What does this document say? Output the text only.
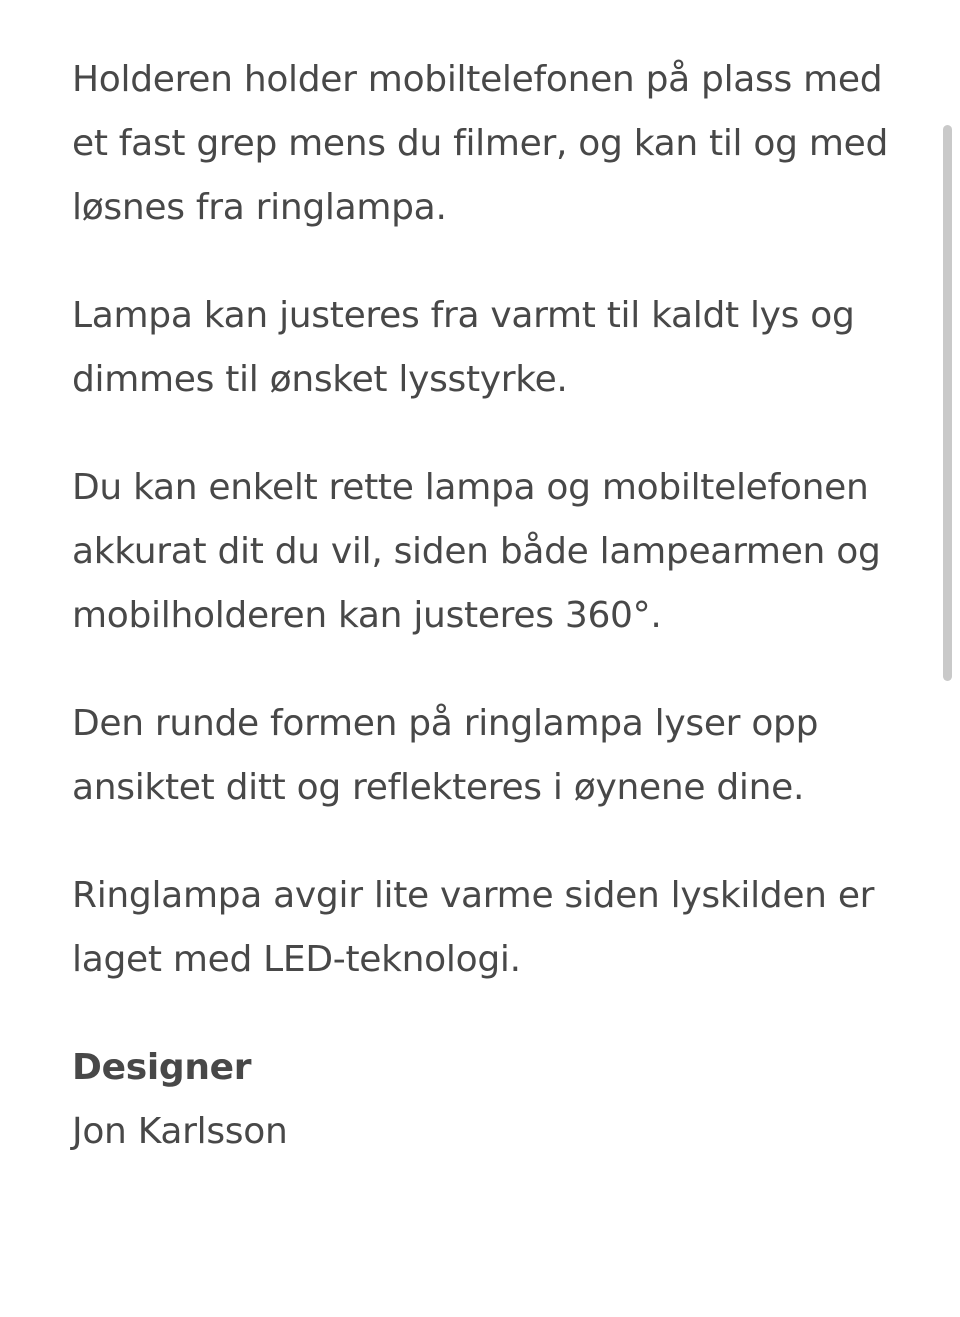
Holderen holder mobiltelefonen på plass med et fast grep mens du filmer, og kan til og med løsnes fra ringlampa.

Lampa kan justeres fra varmt til kaldt lys og dimmes til ønsket lysstyrke.

Du kan enkelt rette lampa og mobiltelefonen akkurat dit du vil, siden både lampearmen og mobilholderen kan justeres 360°.

Den runde formen på ringlampa lyser opp ansiktet ditt og reflekteres i øynene dine.

Ringlampa avgir lite varme siden lyskilden er laget med LED-teknologi.

Designer

Jon Karlsson
